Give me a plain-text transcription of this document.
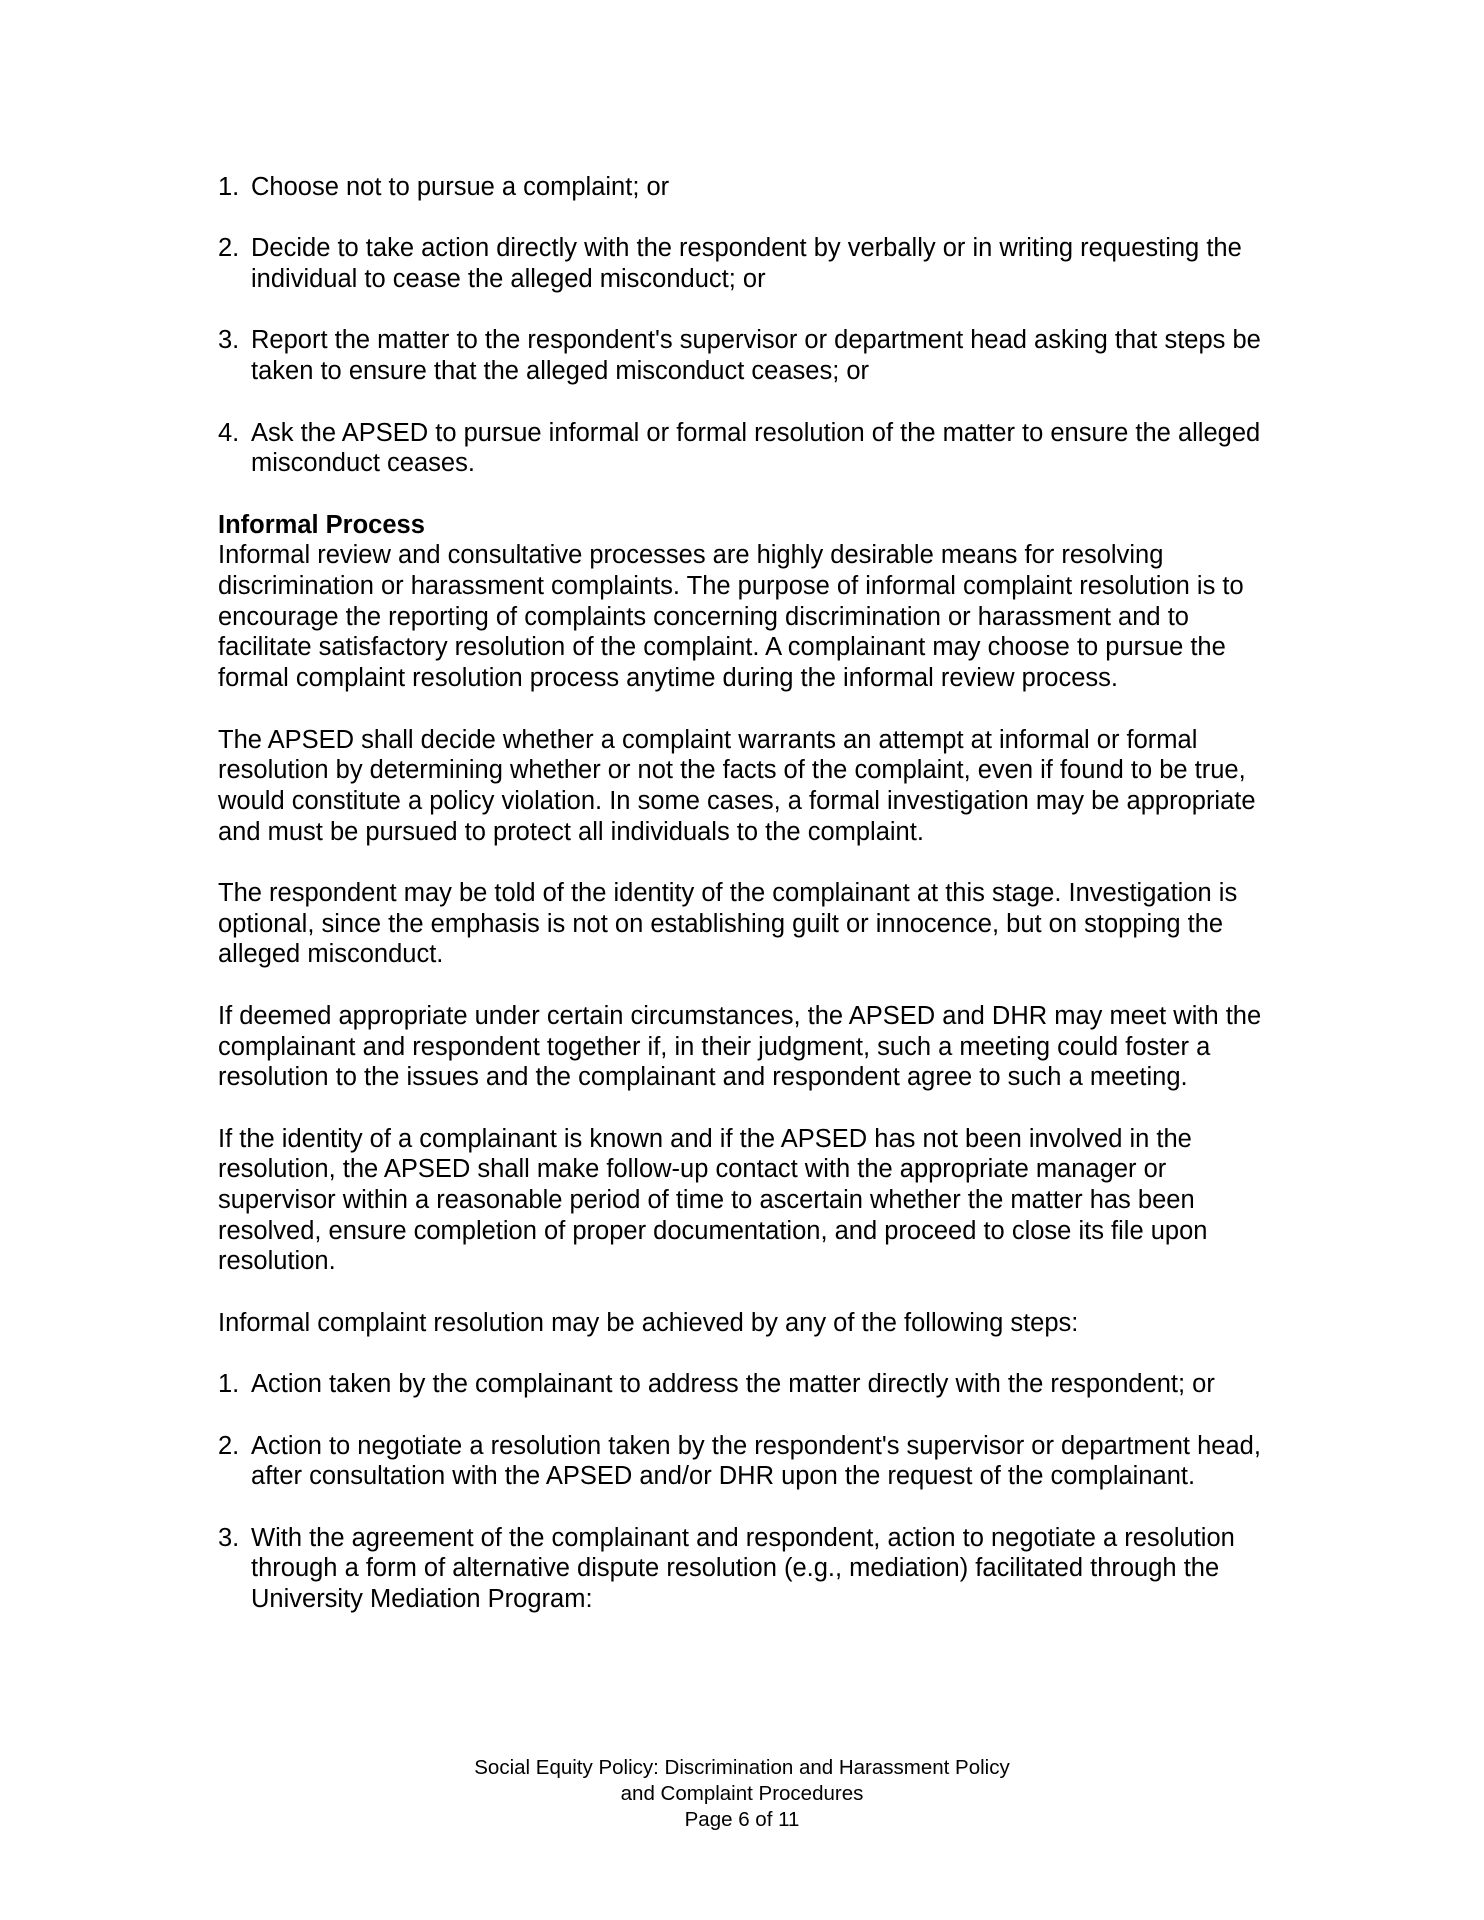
1. Choose not to pursue a complaint; or
2. Decide to take action directly with the respondent by verbally or in writing requesting the individual to cease the alleged misconduct; or
3. Report the matter to the respondent's supervisor or department head asking that steps be taken to ensure that the alleged misconduct ceases; or
4. Ask the APSED to pursue informal or formal resolution of the matter to ensure the alleged misconduct ceases.

Informal Process

Informal review and consultative processes are highly desirable means for resolving discrimination or harassment complaints. The purpose of informal complaint resolution is to encourage the reporting of complaints concerning discrimination or harassment and to facilitate satisfactory resolution of the complaint. A complainant may choose to pursue the formal complaint resolution process anytime during the informal review process.

The APSED shall decide whether a complaint warrants an attempt at informal or formal resolution by determining whether or not the facts of the complaint, even if found to be true, would constitute a policy violation. In some cases, a formal investigation may be appropriate and must be pursued to protect all individuals to the complaint.

The respondent may be told of the identity of the complainant at this stage. Investigation is optional, since the emphasis is not on establishing guilt or innocence, but on stopping the alleged misconduct.

If deemed appropriate under certain circumstances, the APSED and DHR may meet with the complainant and respondent together if, in their judgment, such a meeting could foster a resolution to the issues and the complainant and respondent agree to such a meeting.

If the identity of a complainant is known and if the APSED has not been involved in the resolution, the APSED shall make follow-up contact with the appropriate manager or supervisor within a reasonable period of time to ascertain whether the matter has been resolved, ensure completion of proper documentation, and proceed to close its file upon resolution.

Informal complaint resolution may be achieved by any of the following steps:

1. Action taken by the complainant to address the matter directly with the respondent; or
2. Action to negotiate a resolution taken by the respondent's supervisor or department head, after consultation with the APSED and/or DHR upon the request of the complainant.
3. With the agreement of the complainant and respondent, action to negotiate a resolution through a form of alternative dispute resolution (e.g., mediation) facilitated through the University Mediation Program:
Social Equity Policy: Discrimination and Harassment Policy
and Complaint Procedures
Page 6 of 11
